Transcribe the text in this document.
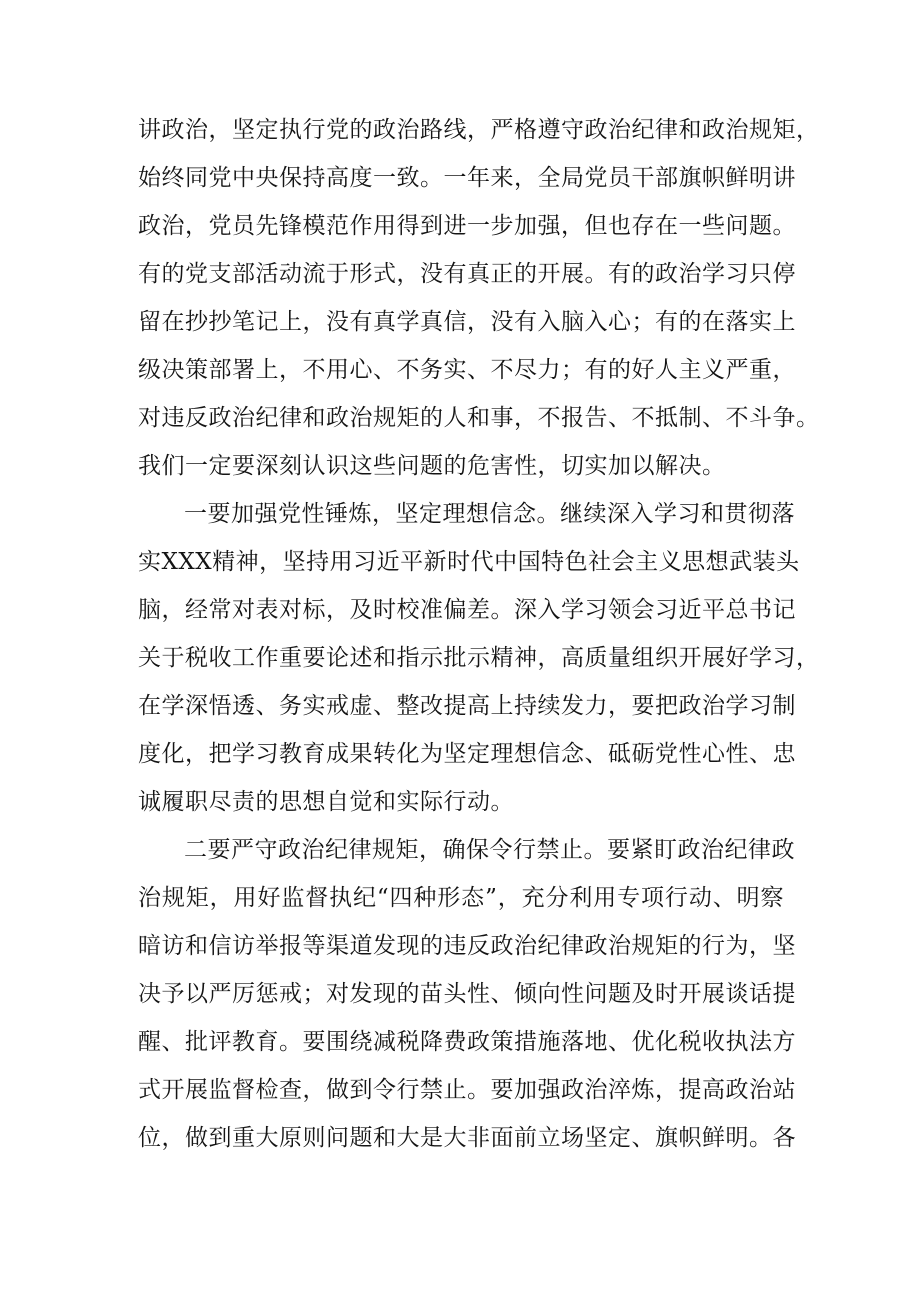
讲政治，坚定执行党的政治路线，严格遵守政治纪律和政治规矩，
始终同党中央保持高度一致。一年来，全局党员干部旗帜鲜明讲
政治，党员先锋模范作用得到进一步加强，但也存在一些问题。
有的党支部活动流于形式，没有真正的开展。有的政治学习只停
留在抄抄笔记上，没有真学真信，没有入脑入心；有的在落实上
级决策部署上，不用心、不务实、不尽力；有的好人主义严重，
对违反政治纪律和政治规矩的人和事，不报告、不抵制、不斗争。
我们一定要深刻认识这些问题的危害性，切实加以解决。
一要加强党性锤炼，坚定理想信念。继续深入学习和贯彻落
实XXX精神，坚持用习近平新时代中国特色社会主义思想武装头
脑，经常对表对标，及时校准偏差。深入学习领会习近平总书记
关于税收工作重要论述和指示批示精神，高质量组织开展好学习，
在学深悟透、务实戒虚、整改提高上持续发力，要把政治学习制
度化，把学习教育成果转化为坚定理想信念、砥砺党性心性、忠
诚履职尽责的思想自觉和实际行动。
二要严守政治纪律规矩，确保令行禁止。要紧盯政治纪律政
治规矩，用好监督执纪“四种形态”，充分利用专项行动、明察
暗访和信访举报等渠道发现的违反政治纪律政治规矩的行为，坚
决予以严厉惩戒；对发现的苗头性、倾向性问题及时开展谈话提
醒、批评教育。要围绕减税降费政策措施落地、优化税收执法方
式开展监督检查，做到令行禁止。要加强政治淬炼，提高政治站
位，做到重大原则问题和大是大非面前立场坚定、旗帜鲜明。各
